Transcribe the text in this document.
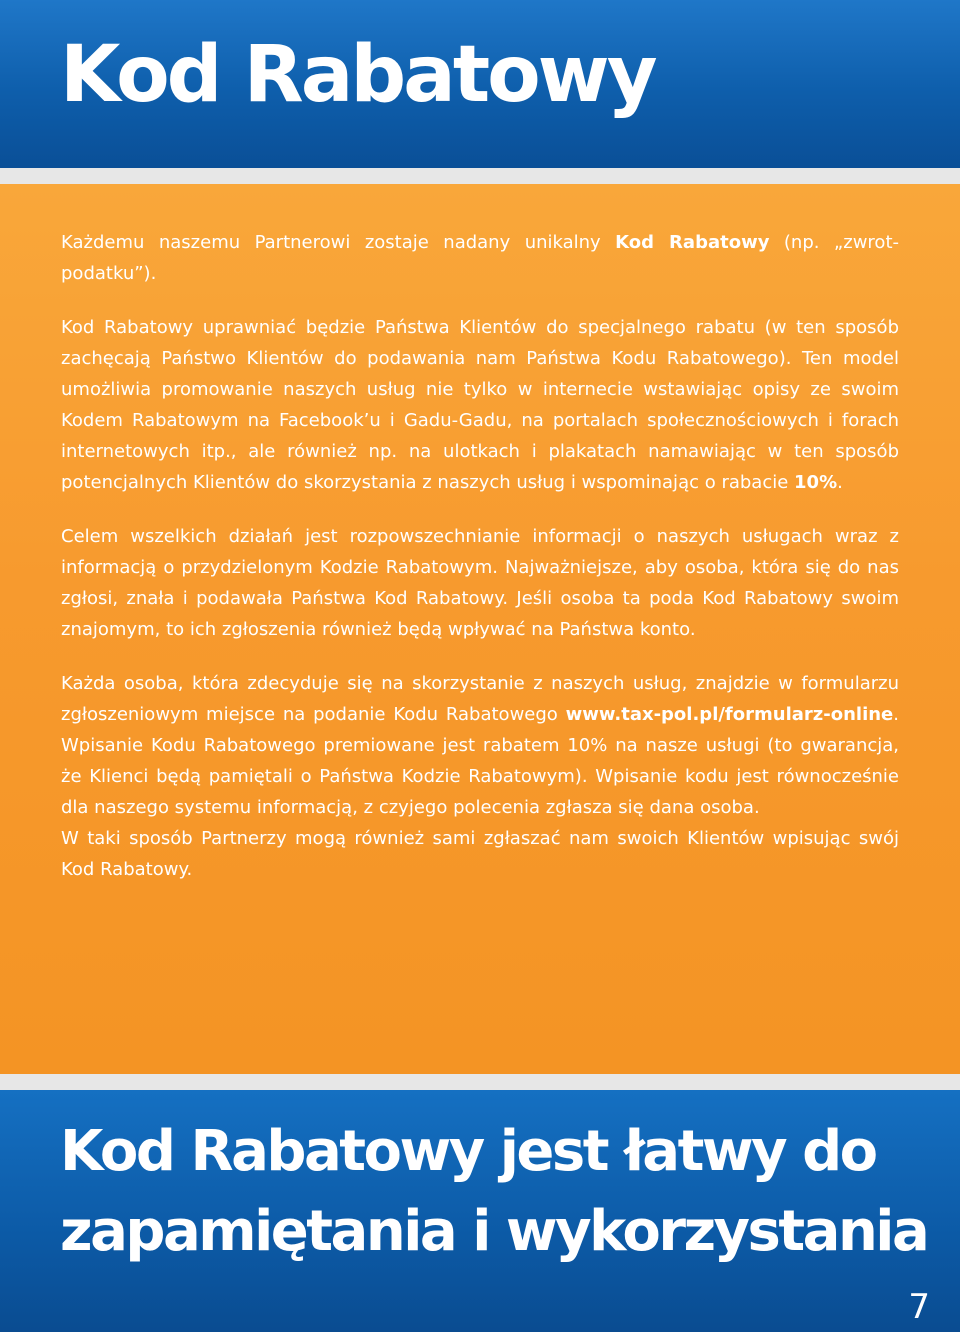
Kod Rabatowy

Każdemu naszemu Partnerowi zostaje nadany unikalny Kod Rabatowy (np. „zwrot-podatku”).

Kod Rabatowy uprawniać będzie Państwa Klientów do specjalnego rabatu (w ten sposób zachęcają Państwo Klientów do podawania nam Państwa Kodu Rabatowego). Ten model umożliwia promowanie naszych usług nie tylko w internecie wstawiając opisy ze swoim Kodem Rabatowym na Facebook’u i Gadu-Gadu, na portalach społecznościowych i forach internetowych itp., ale również np. na ulotkach i plakatach namawiając w ten sposób potencjalnych Klientów do skorzystania z naszych usług i wspominając o rabacie 10%.

Celem wszelkich działań jest rozpowszechnianie informacji o naszych usługach wraz z informacją o przydzielonym Kodzie Rabatowym. Najważniejsze, aby osoba, która się do nas zgłosi, znała i podawała Państwa Kod Rabatowy. Jeśli osoba ta poda Kod Rabatowy swoim znajomym, to ich zgłoszenia również będą wpływać na Państwa konto.

Każda osoba, która zdecyduje się na skorzystanie z naszych usług, znajdzie w formularzu zgłoszeniowym miejsce na podanie Kodu Rabatowego www.tax-pol.pl/formularz-online. Wpisanie Kodu Rabatowego premiowane jest rabatem 10% na nasze usługi (to gwarancja, że Klienci będą pamiętali o Państwa Kodzie Rabatowym). Wpisanie kodu jest równocześnie dla naszego systemu informacją, z czyjego polecenia zgłasza się dana osoba.

W taki sposób Partnerzy mogą również sami zgłaszać nam swoich Klientów wpisując swój Kod Rabatowy.

Kod Rabatowy jest łatwy do
zapamiętania i wykorzystania
7
